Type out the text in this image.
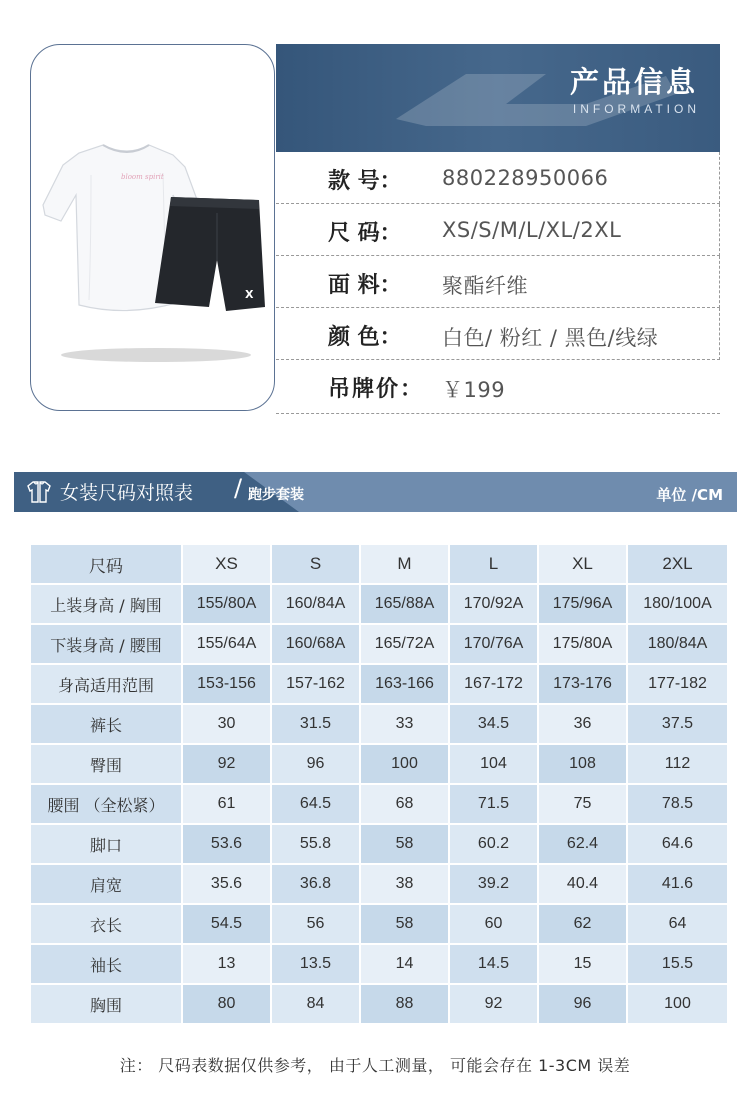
bloom spirit
X
产品信息
INFORMATION
款 号： 880228950066
尺 码： XS/S/M/L/XL/2XL
面 料： 聚酯纤维
颜 色： 白色/ 粉红 / 黑色/线绿
吊牌价： ￥199
女装尺码对照表 / 跑步套装	单位 /CM
尺码	XS	S	M	L	XL	2XL
上装身高 / 胸围	155/80A	160/84A	165/88A	170/92A	175/96A	180/100A
下装身高 / 腰围	155/64A	160/68A	165/72A	170/76A	175/80A	180/84A
身高适用范围	153-156	157-162	163-166	167-172	173-176	177-182
裤长	30	31.5	33	34.5	36	37.5
臀围	92	96	100	104	108	112
腰围 （全松紧）	61	64.5	68	71.5	75	78.5
脚口	53.6	55.8	58	60.2	62.4	64.6
肩宽	35.6	36.8	38	39.2	40.4	41.6
衣长	54.5	56	58	60	62	64
袖长	13	13.5	14	14.5	15	15.5
胸围	80	84	88	92	96	100
注： 尺码表数据仅供参考， 由于人工测量， 可能会存在 1-3CM 误差
